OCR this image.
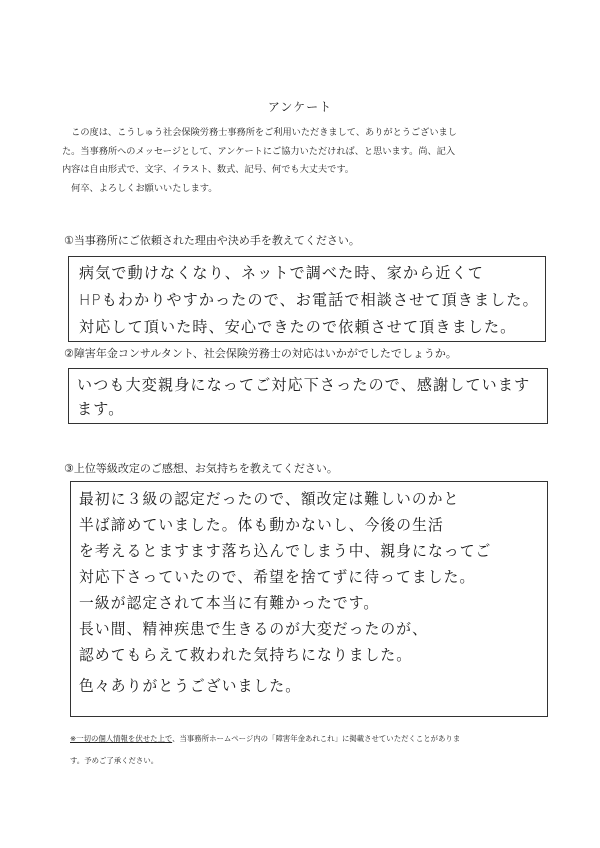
アンケート

　この度は、こうしゅう社会保険労務士事務所をご利用いただきまして、ありがとうございまし

た。当事務所へのメッセージとして、アンケートにご協力いただければ、と思います。尚、記入

内容は自由形式で、文字、イラスト、数式、記号、何でも大丈夫です。

　何卒、よろしくお願いいたします。

①当事務所にご依頼された理由や決め手を教えてください。
病気で動けなくなり、ネットで調べた時、家から近くて
HPもわかりやすかったので、お電話で相談させて頂きました。
対応して頂いた時、安心できたので依頼させて頂きました。
②障害年金コンサルタント、社会保険労務士の対応はいかがでしたでしょうか。
いつも大変親身になってご対応下さったので、感謝しています
ます。
③上位等級改定のご感想、お気持ちを教えてください。
最初に３級の認定だったので、額改定は難しいのかと
半ば諦めていました。体も動かないし、今後の生活
を考えるとますます落ち込んでしまう中、親身になってご
対応下さっていたので、希望を捨てずに待ってました。
一級が認定されて本当に有難かったです。
長い間、精神疾患で生きるのが大変だったのが、
認めてもらえて救われた気持ちになりました。
色々ありがとうございました。

※一切の個人情報を伏せた上で、当事務所ホームページ内の「障害年金あれこれ」に掲載させていただくことがありま

す。予めご了承ください。
